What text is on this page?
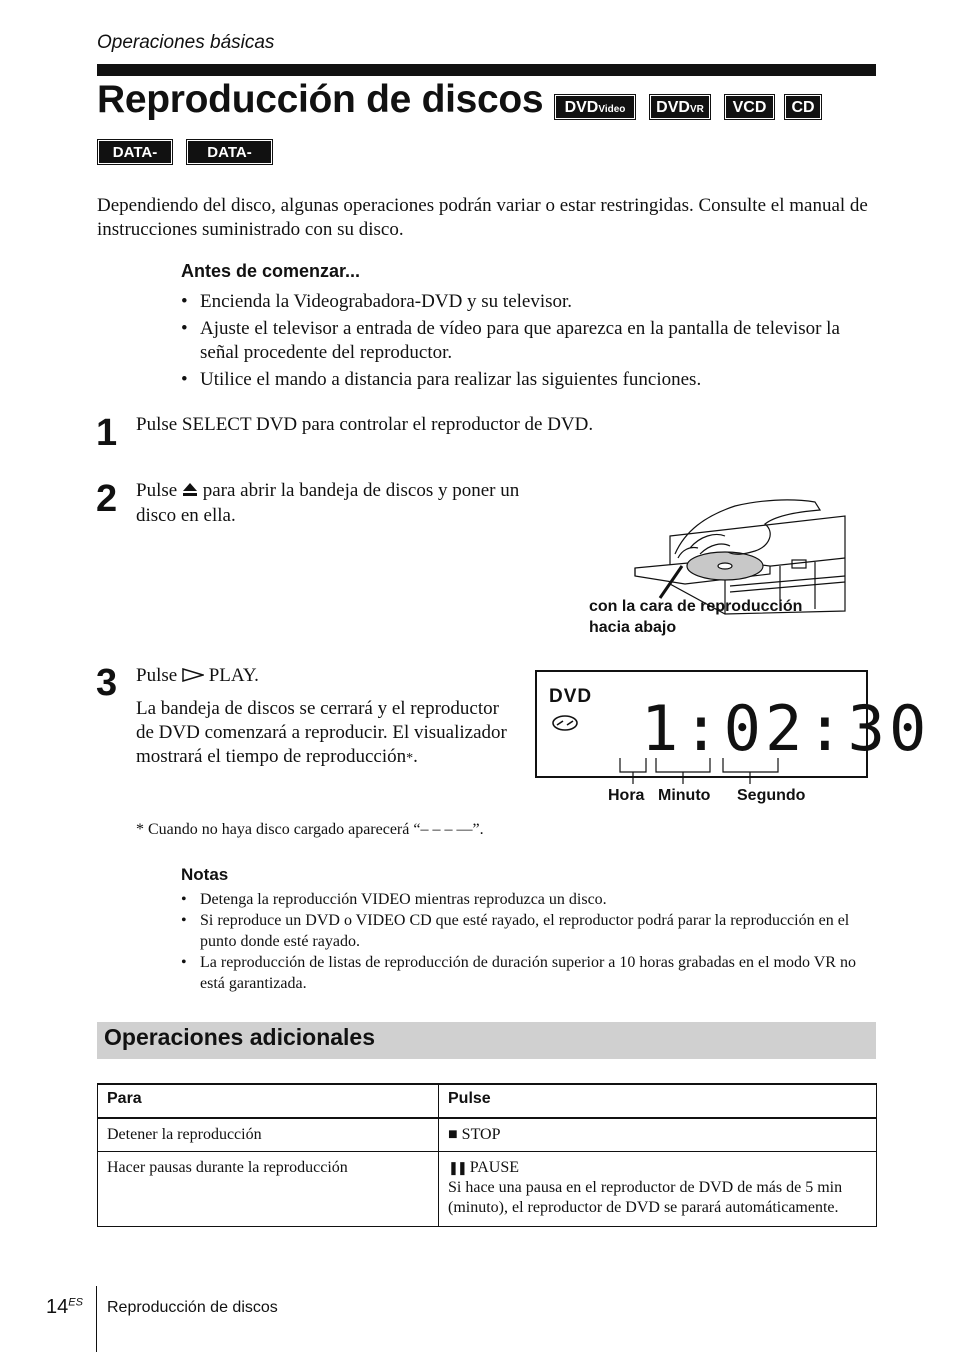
Operaciones básicas
Reproducción de discos	DVDVideo	DVDVR	VCD	CD
DATA-CD
DATA-DVD
Dependiendo del disco, algunas operaciones podrán variar o estar restringidas. Consulte el manual de instrucciones suministrado con su disco.
Antes de comenzar...
• Encienda la Videograbadora-DVD y su televisor.
• Ajuste el televisor a entrada de vídeo para que aparezca en la pantalla de televisor la señal procedente del reproductor.
• Utilice el mando a distancia para realizar las siguientes funciones.
1 Pulse SELECT DVD para controlar el reproductor de DVD.
2 Pulse para abrir la bandeja de discos y poner un disco en ella.
con la cara de reproducción hacia abajo
3 Pulse PLAY.
La bandeja de discos se cerrará y el reproductor de DVD comenzará a reproducir. El visualizador mostrará el tiempo de reproducción*.
DVD 1:02:30
Hora Minuto Segundo
* Cuando no haya disco cargado aparecerá “– – – —”.
Notas
• Detenga la reproducción VIDEO mientras reproduzca un disco.
• Si reproduce un DVD o VIDEO CD que esté rayado, el reproductor podrá parar la reproducción en el punto donde esté rayado.
• La reproducción de listas de reproducción de duración superior a 10 horas grabadas en el modo VR no está garantizada.
Operaciones adicionales
Para	Pulse
Detener la reproducción	■ STOP
Hacer pausas durante la reproducción	❚❚ PAUSE
Si hace una pausa en el reproductor de DVD de más de 5 min (minuto), el reproductor de DVD se parará automáticamente.
$14^{ES}$ Reproducción de discos
